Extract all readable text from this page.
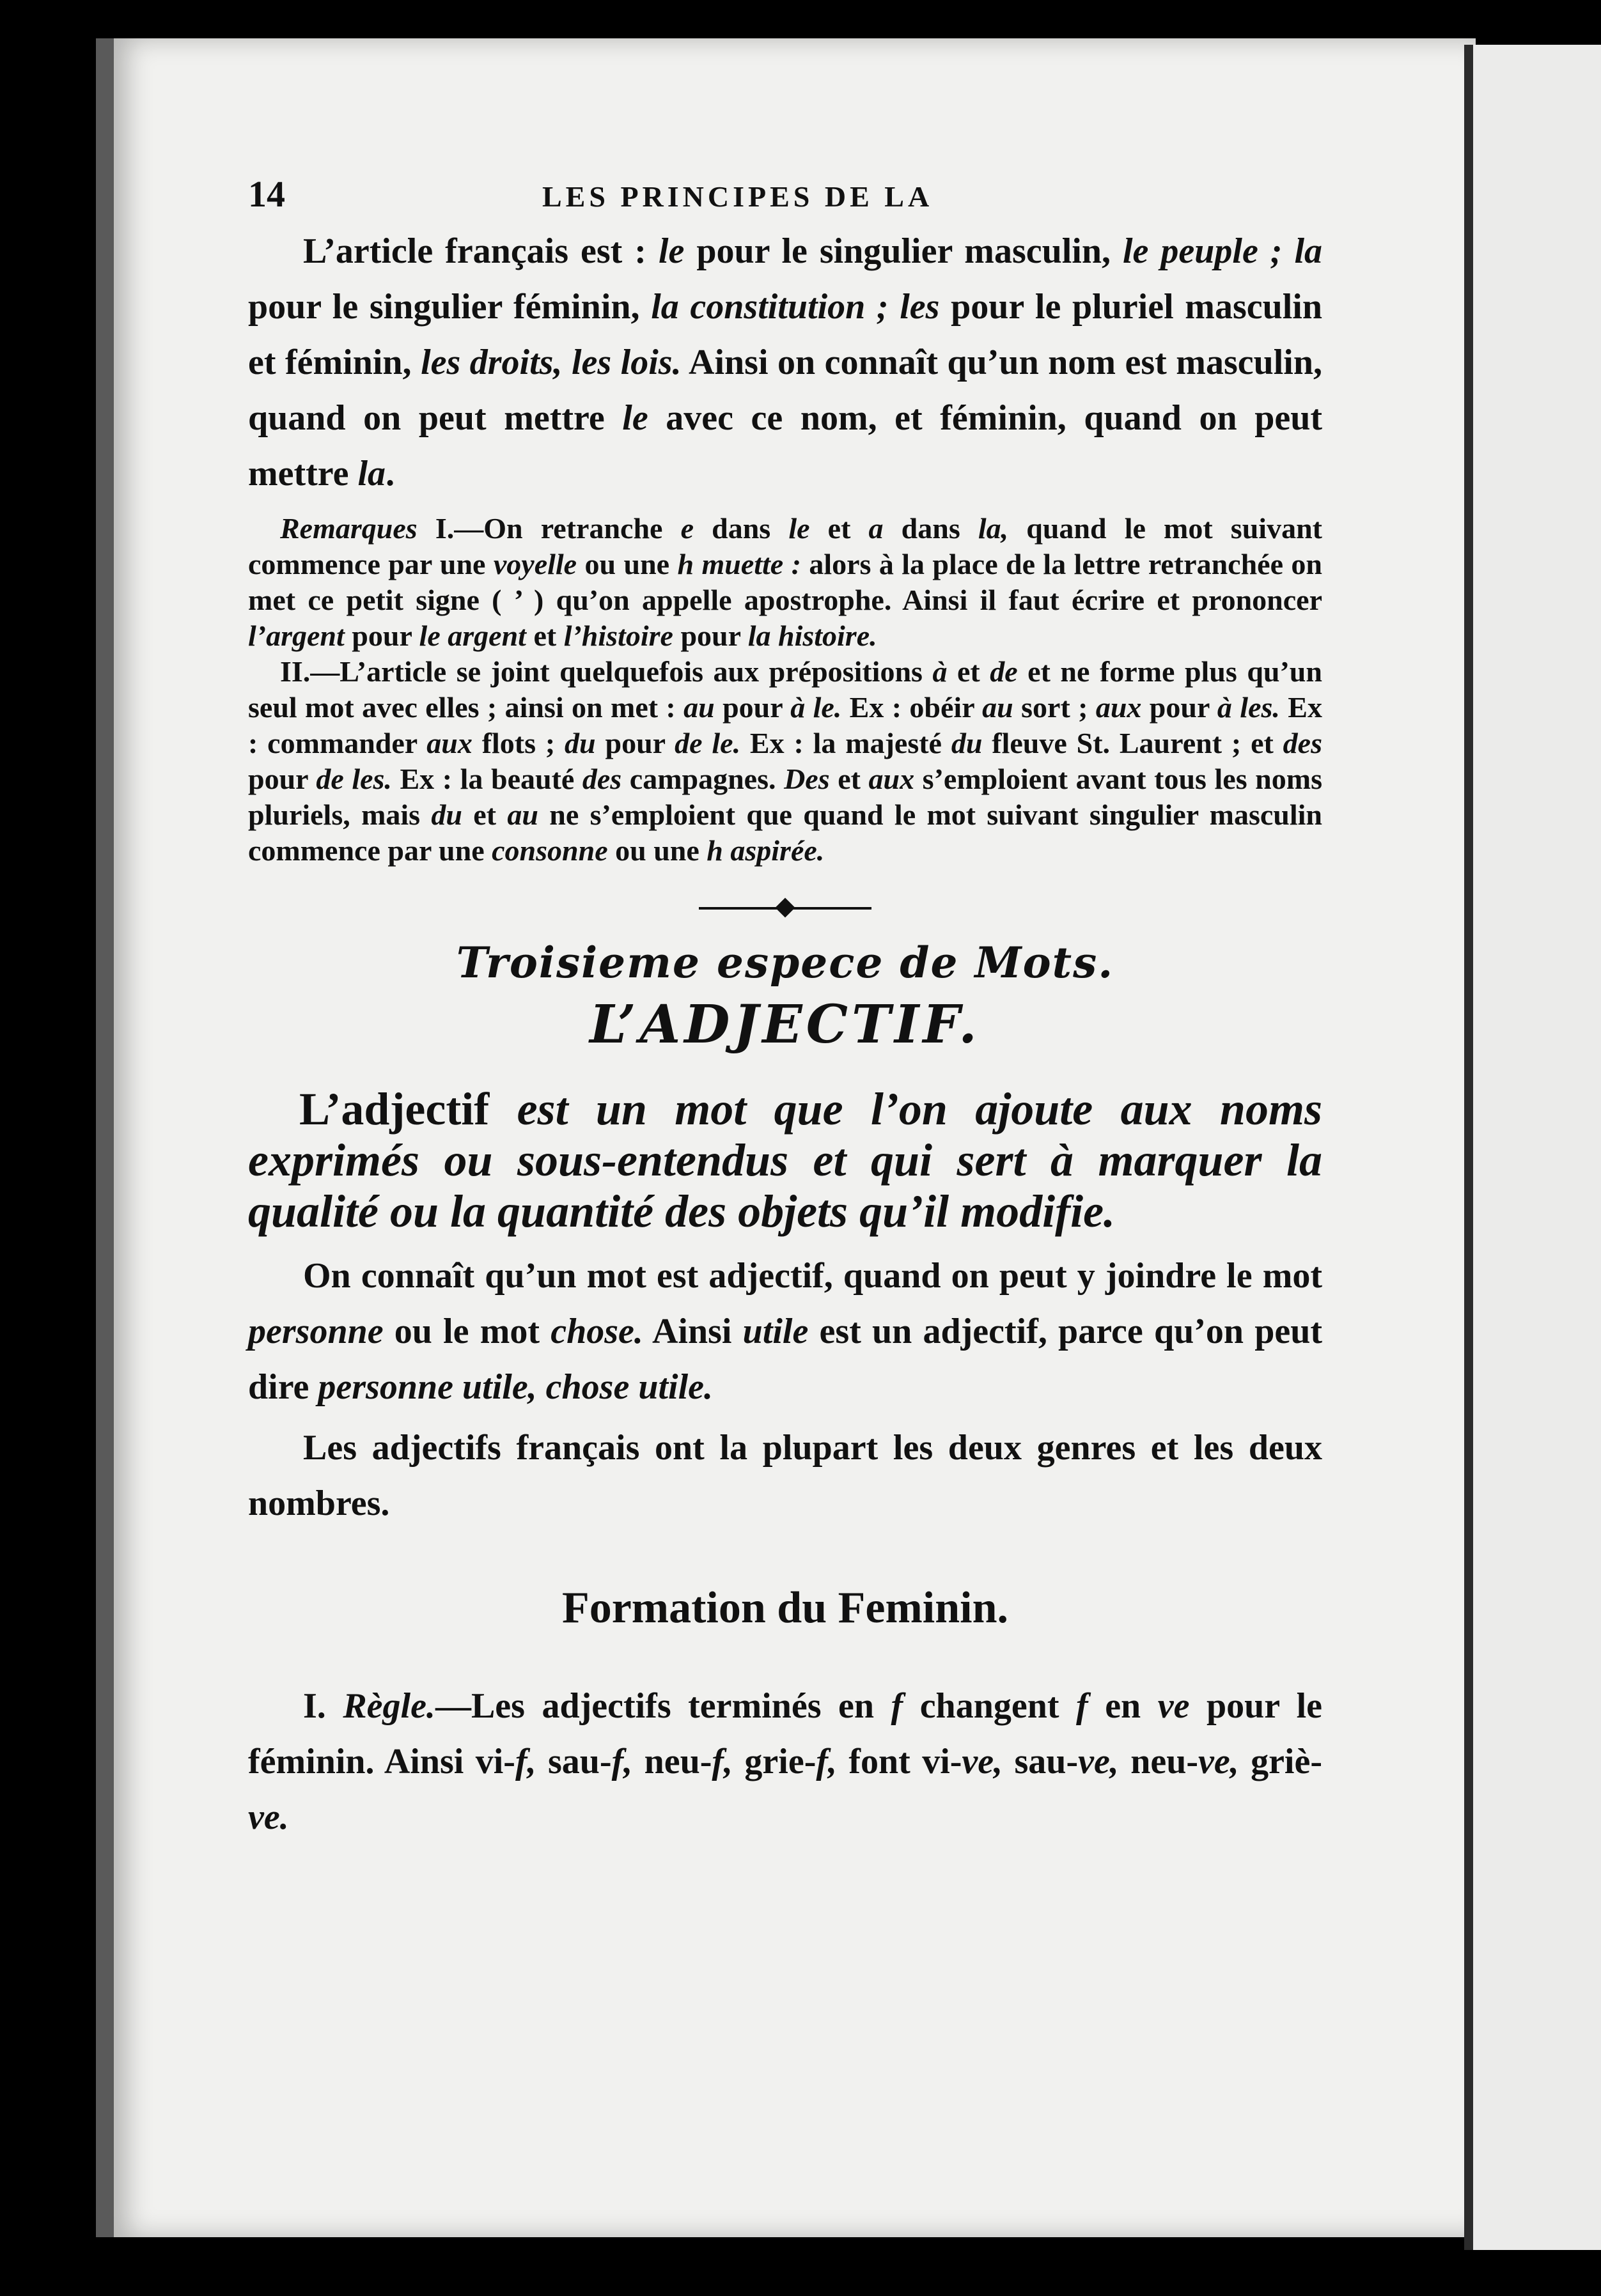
14	LES PRINCIPES DE LA

L’article français est : le pour le singulier masculin, le peuple ; la pour le singulier féminin, la constitution ; les pour le pluriel masculin et féminin, les droits, les lois. Ainsi on connaît qu’un nom est masculin, quand on peut mettre le avec ce nom, et féminin, quand on peut mettre la.

Remarques I.—On retranche e dans le et a dans la, quand le mot suivant commence par une voyelle ou une h muette : alors à la place de la lettre retranchée on met ce petit signe ( ’ ) qu’on appelle apostrophe. Ainsi il faut écrire et prononcer l’argent pour le argent et l’histoire pour la histoire.

II.—L’article se joint quelquefois aux prépositions à et de et ne forme plus qu’un seul mot avec elles ; ainsi on met : au pour à le. Ex : obéir au sort ; aux pour à les. Ex : commander aux flots ; du pour de le. Ex : la majesté du fleuve St. Laurent ; et des pour de les. Ex : la beauté des campagnes. Des et aux s’emploient avant tous les noms pluriels, mais du et au ne s’emploient que quand le mot suivant singulier masculin commence par une consonne ou une h aspirée.

Troisieme espece de Mots.
L’ADJECTIF.

L’adjectif est un mot que l’on ajoute aux noms exprimés ou sous-entendus et qui sert à marquer la qualité ou la quantité des objets qu’il modifie.

On connaît qu’un mot est adjectif, quand on peut y joindre le mot personne ou le mot chose. Ainsi utile est un adjectif, parce qu’on peut dire personne utile, chose utile.

Les adjectifs français ont la plupart les deux genres et les deux nombres.

Formation du Feminin.

I. Règle.—Les adjectifs terminés en f changent f en ve pour le féminin. Ainsi vi-f, sau-f, neu-f, grie-f, font vi-ve, sau-ve, neu-ve, griè-ve.
